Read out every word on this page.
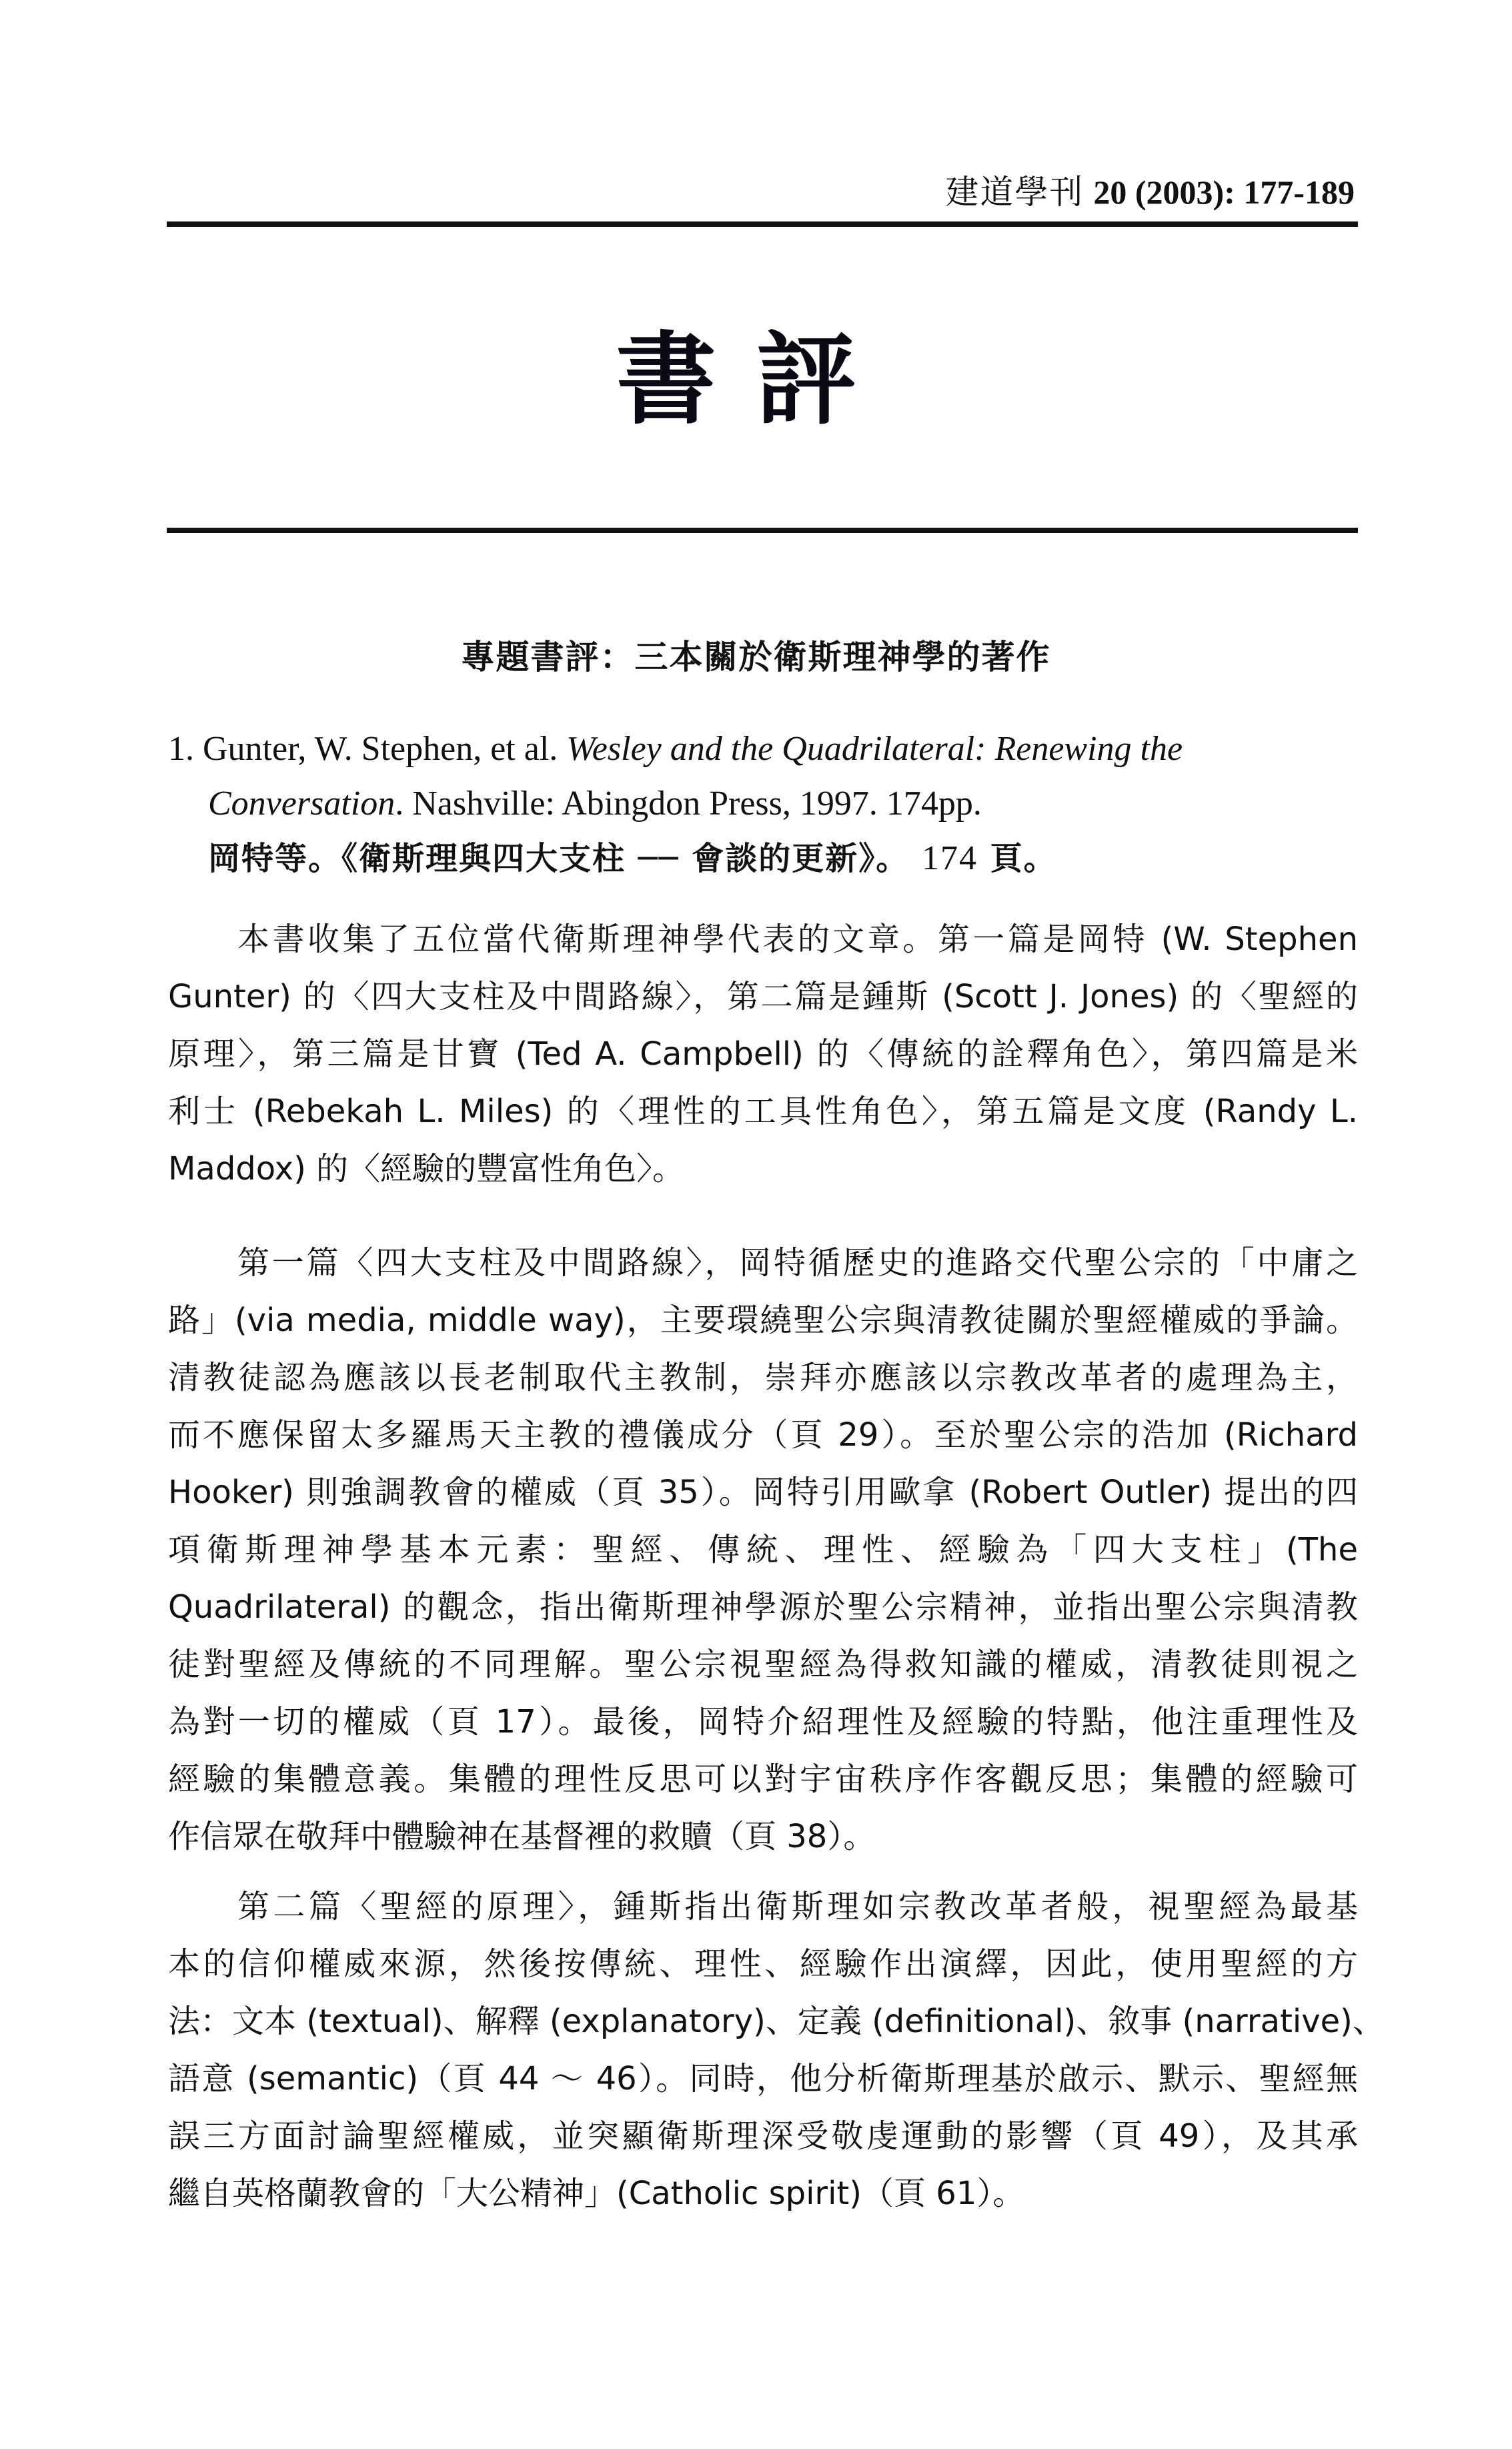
建道學刊 20 (2003): 177-189
書評
專題書評：三本關於衛斯理神學的著作
1. Gunter, W. Stephen, et al. Wesley and the Quadrilateral: Renewing the
Conversation. Nashville: Abingdon Press, 1997. 174pp.
岡特等。《衛斯理與四大支柱 ── 會談的更新》。 174 頁。
本書收集了五位當代衛斯理神學代表的文章。第一篇是岡特 (W. Stephen
Gunter) 的〈四大支柱及中間路線〉，第二篇是鍾斯 (Scott J. Jones) 的〈聖經的
原理〉，第三篇是甘寶 (Ted A. Campbell) 的〈傳統的詮釋角色〉，第四篇是米
利士 (Rebekah L. Miles) 的〈理性的工具性角色〉，第五篇是文度 (Randy L.
Maddox) 的〈經驗的豐富性角色〉。
第一篇〈四大支柱及中間路線〉，岡特循歷史的進路交代聖公宗的「中庸之
路」(via media, middle way)，主要環繞聖公宗與清教徒關於聖經權威的爭論。
清教徒認為應該以長老制取代主教制，崇拜亦應該以宗教改革者的處理為主，
而不應保留太多羅馬天主教的禮儀成分（頁 29）。至於聖公宗的浩加 (Richard
Hooker) 則強調教會的權威（頁 35）。岡特引用歐拿 (Robert Outler) 提出的四
項衛斯理神學基本元素：聖經、傳統、理性、經驗為「四大支柱」(The
Quadrilateral) 的觀念，指出衛斯理神學源於聖公宗精神，並指出聖公宗與清教
徒對聖經及傳統的不同理解。聖公宗視聖經為得救知識的權威，清教徒則視之
為對一切的權威（頁 17）。最後，岡特介紹理性及經驗的特點，他注重理性及
經驗的集體意義。集體的理性反思可以對宇宙秩序作客觀反思；集體的經驗可
作信眾在敬拜中體驗神在基督裡的救贖（頁 38）。
第二篇〈聖經的原理〉，鍾斯指出衛斯理如宗教改革者般，視聖經為最基
本的信仰權威來源，然後按傳統、理性、經驗作出演繹，因此，使用聖經的方
法：文本 (textual)、解釋 (explanatory)、定義 (definitional)、敘事 (narrative)、
語意 (semantic)（頁 44 ～ 46）。同時，他分析衛斯理基於啟示、默示、聖經無
誤三方面討論聖經權威，並突顯衛斯理深受敬虔運動的影響（頁 49），及其承
繼自英格蘭教會的「大公精神」(Catholic spirit)（頁 61）。
